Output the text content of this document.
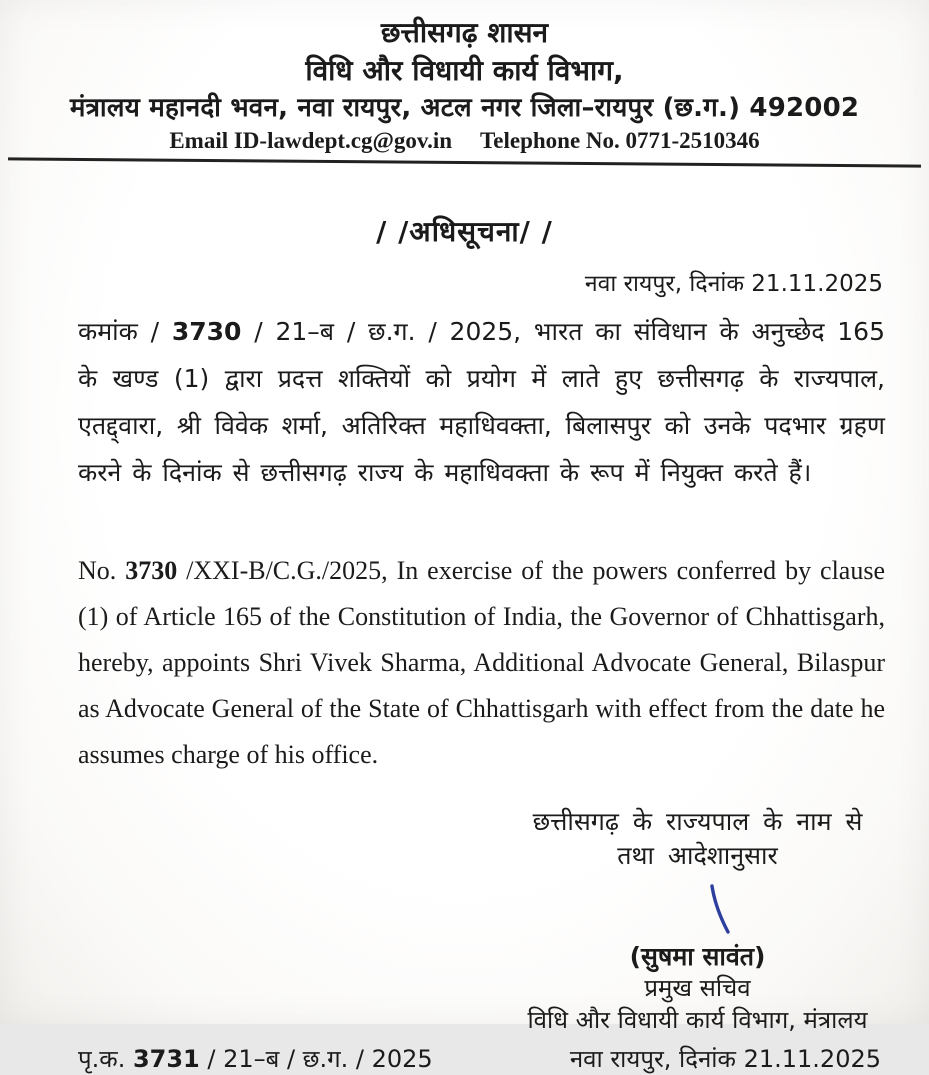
छत्तीसगढ़ शासन
विधि और विधायी कार्य विभाग,
मंत्रालय महानदी भवन, नवा रायपुर, अटल नगर जिला–रायपुर (छ.ग.) 492002
Email ID-lawdept.cg@gov.in Telephone No. 0771-2510346
/ /अधिसूचना/ /
नवा रायपुर, दिनांक 21.11.2025

कमांक / 3730 / 21–ब / छ.ग. / 2025, भारत का संविधान के अनुच्छेद 165 के खण्ड (1) द्वारा प्रदत्त शक्तियों को प्रयोग में लाते हुए छत्तीसगढ़ के राज्यपाल, एतद्द्वारा, श्री विवेक शर्मा, अतिरिक्त महाधिवक्ता, बिलासपुर को उनके पदभार ग्रहण करने के दिनांक से छत्तीसगढ़ राज्य के महाधिवक्ता के रूप में नियुक्त करते हैं।

No. 3730 /XXI-B/C.G./2025, In exercise of the powers conferred by clause (1) of Article 165 of the Constitution of India, the Governor of Chhattisgarh, hereby, appoints Shri Vivek Sharma, Additional Advocate General, Bilaspur as Advocate General of the State of Chhattisgarh with effect from the date he assumes charge of his office.

छत्तीसगढ़ के राज्यपाल के नाम से
तथा आदेशानुसार
(सुषमा सावंत)
प्रमुख सचिव
विधि और विधायी कार्य विभाग, मंत्रालय
पृ.क. 3731 / 21–ब / छ.ग. / 2025	नवा रायपुर, दिनांक 21.11.2025
